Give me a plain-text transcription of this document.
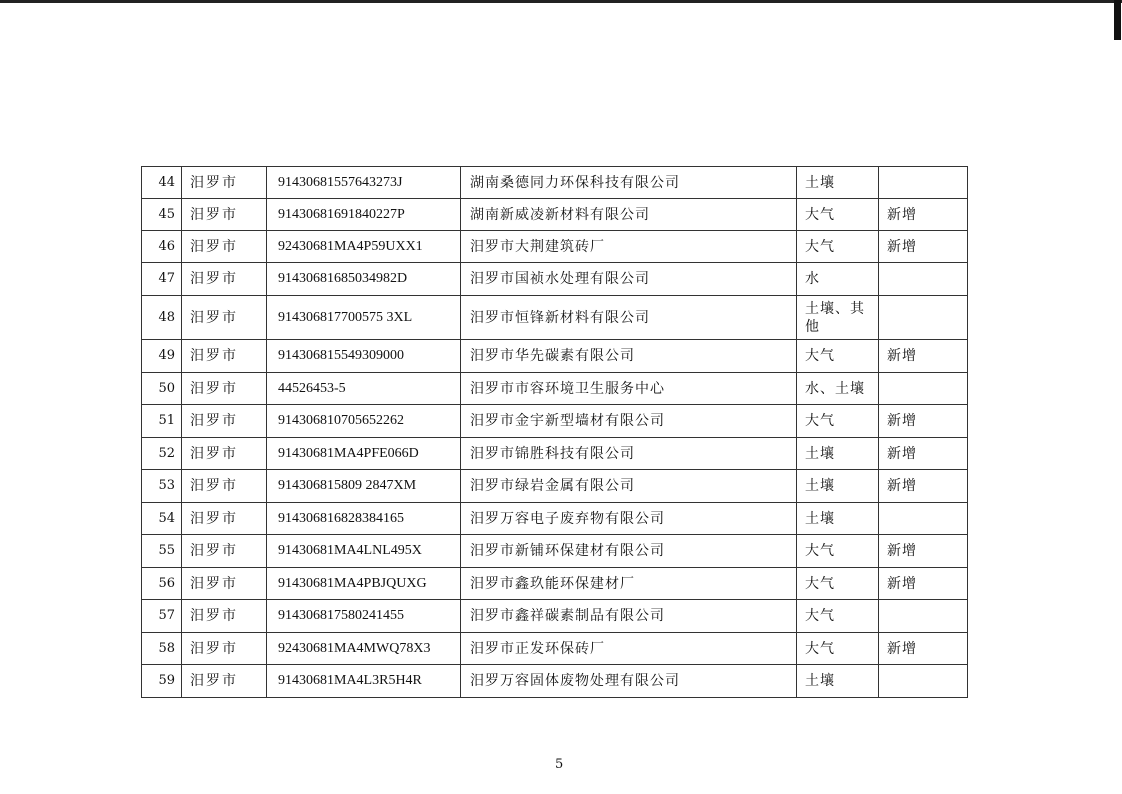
44	汨罗市	91430681557643273J	湖南桑德同力环保科技有限公司	土壤	
45	汨罗市	91430681691840227P	湖南新威凌新材料有限公司	大气	新增
46	汨罗市	92430681MA4P59UXX1	汨罗市大荆建筑砖厂	大气	新增
47	汨罗市	91430681685034982D	汨罗市国祯水处理有限公司	水	
48	汨罗市	914306817700575 3XL	汨罗市恒锋新材料有限公司	土壤、其他	
49	汨罗市	914306815549309000	汨罗市华先碳素有限公司	大气	新增
50	汨罗市	44526453-5	汨罗市市容环境卫生服务中心	水、土壤	
51	汨罗市	914306810705652262	汨罗市金宇新型墙材有限公司	大气	新增
52	汨罗市	91430681MA4PFE066D	汨罗市锦胜科技有限公司	土壤	新增
53	汨罗市	914306815809 2847XM	汨罗市绿岩金属有限公司	土壤	新增
54	汨罗市	914306816828384165	汨罗万容电子废弃物有限公司	土壤	
55	汨罗市	91430681MA4LNL495X	汨罗市新铺环保建材有限公司	大气	新增
56	汨罗市	91430681MA4PBJQUXG	汨罗市鑫玖能环保建材厂	大气	新增
57	汨罗市	914306817580241455	汨罗市鑫祥碳素制品有限公司	大气	
58	汨罗市	92430681MA4MWQ78X3	汨罗市正发环保砖厂	大气	新增
59	汨罗市	91430681MA4L3R5H4R	汨罗万容固体废物处理有限公司	土壤	
5
